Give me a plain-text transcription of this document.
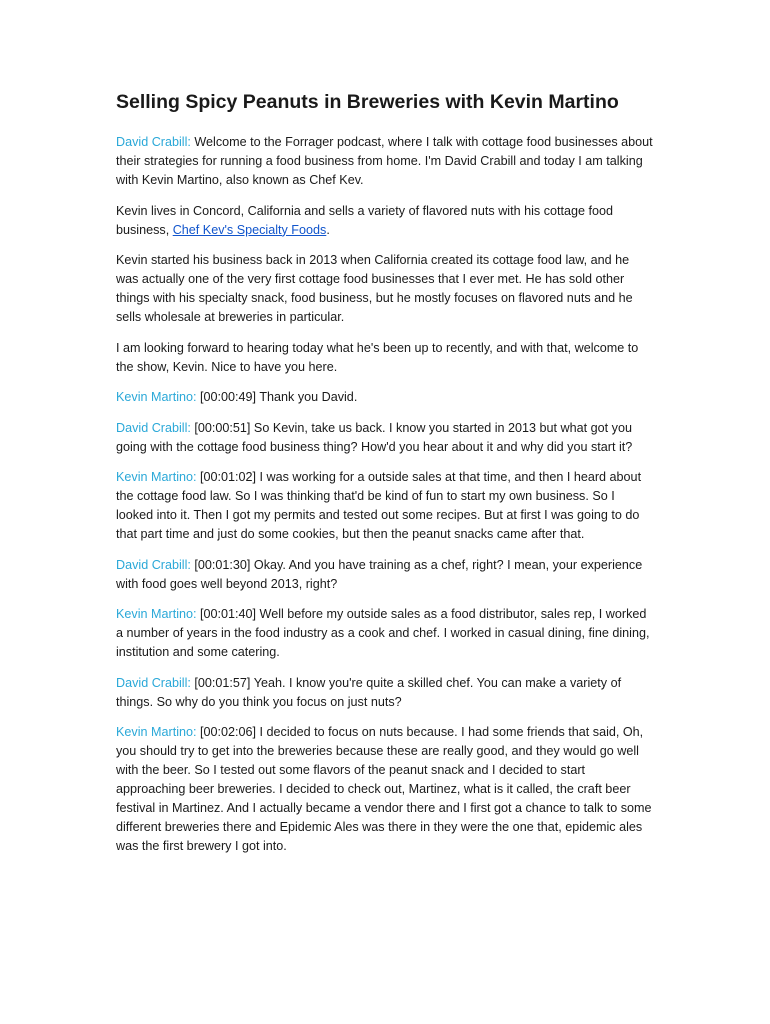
Selling Spicy Peanuts in Breweries with Kevin Martino

David Crabill: Welcome to the Forrager podcast, where I talk with cottage food businesses about their strategies for running a food business from home. I'm David Crabill and today I am talking with Kevin Martino, also known as Chef Kev.

Kevin lives in Concord, California and sells a variety of flavored nuts with his cottage food business, Chef Kev's Specialty Foods.

Kevin started his business back in 2013 when California created its cottage food law, and he was actually one of the very first cottage food businesses that I ever met. He has sold other things with his specialty snack, food business, but he mostly focuses on flavored nuts and he sells wholesale at breweries in particular.

I am looking forward to hearing today what he's been up to recently, and with that, welcome to the show, Kevin. Nice to have you here.

Kevin Martino: [00:00:49] Thank you David.

David Crabill: [00:00:51] So Kevin, take us back. I know you started in 2013 but what got you going with the cottage food business thing? How'd you hear about it and why did you start it?

Kevin Martino: [00:01:02] I was working for a outside sales at that time, and then I heard about the cottage food law. So I was thinking that'd be kind of fun to start my own business. So I looked into it. Then I got my permits and tested out some recipes. But at first I was going to do that part time and just do some cookies, but then the peanut snacks came after that.

David Crabill: [00:01:30] Okay. And you have training as a chef, right? I mean, your experience with food goes well beyond 2013, right?

Kevin Martino: [00:01:40] Well before my outside sales as a food distributor, sales rep, I worked a number of years in the food industry as a cook and chef. I worked in casual dining, fine dining, institution and some catering.

David Crabill: [00:01:57] Yeah. I know you're quite a skilled chef. You can make a variety of things. So why do you think you focus on just nuts?

Kevin Martino: [00:02:06] I decided to focus on nuts because. I had some friends that said, Oh, you should try to get into the breweries because these are really good, and they would go well with the beer. So I tested out some flavors of the peanut snack and I decided to start approaching beer breweries. I decided to check out, Martinez, what is it called, the craft beer festival in Martinez. And I actually became a vendor there and I first got a chance to talk to some different breweries there and Epidemic Ales was there in they were the one that, epidemic ales was the first brewery I got into.
